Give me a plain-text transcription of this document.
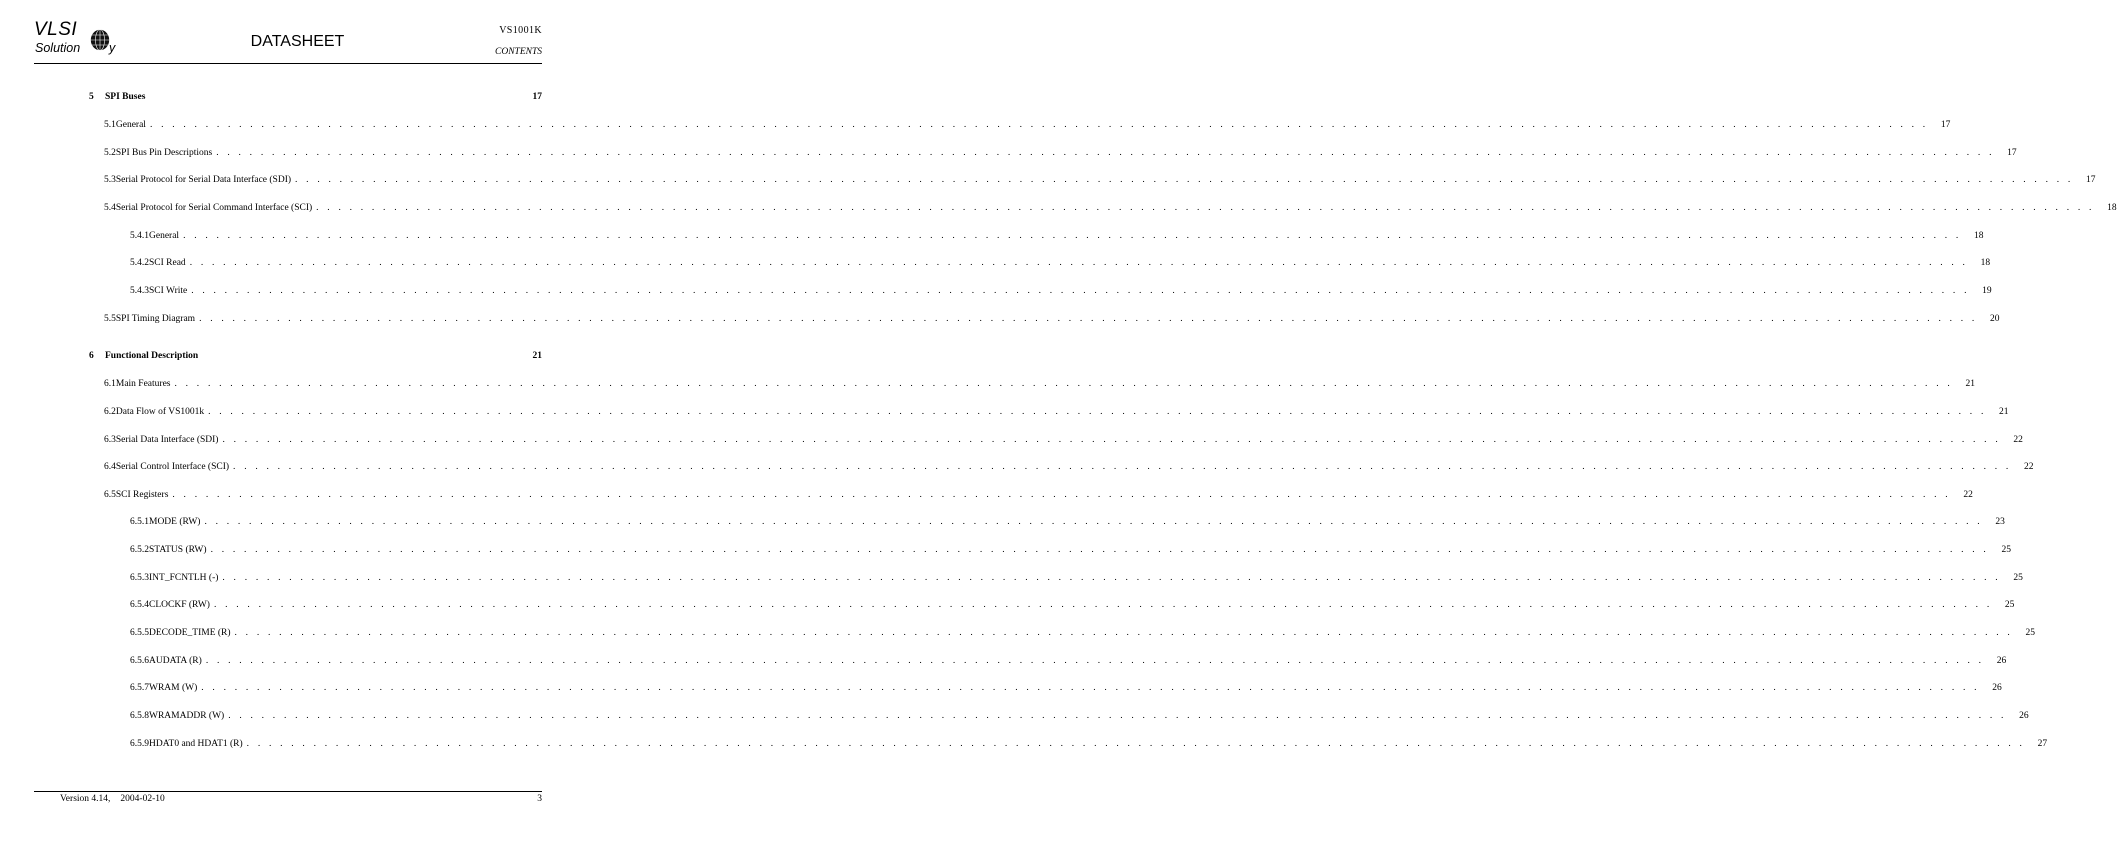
VLSI
Solution y	DATASHEET
VS1001K
CONTENTS
5	SPI Buses	17
5.1 General . . . . . . . . . . . . . . . . . . . . . . . . . . . . . . . . . . . . . . . . . . . . . . . . . . . . . . . . . . . . . . . . . . . . . . . . . . . . . . . . . . . . . . . . . . . . . . . . . . . . . . . . . . . . . . . . . . . . . . . . . . . . . . . . . . . . . . . . . . . . . . . . . . . . . . . . . . . . . . . .	17
5.2 SPI Bus Pin Descriptions . . . . . . . . . . . . . . . . . . . . . . . . . . . . . . . . . . . . . . . . . . . . . . . . . . . . . . . . . . . . . . . . . . . . . . . . . . . . . . . . . . . . . . . . . . . . . . . . . . . . . . . . . . . . . . . . . . . . . . . . . . . . . . . . . . . . . . . . . . . . . . . . . . . . . . . . . . . . . . . .	17
5.3 Serial Protocol for Serial Data Interface (SDI) . . . . . . . . . . . . . . . . . . . . . . . . . . . . . . . . . . . . . . . . . . . . . . . . . . . . . . . . . . . . . . . . . . . . . . . . . . . . . . . . . . . . . . . . . . . . . . . . . . . . . . . . . . . . . . . . . . . . . . . . . . . . . . . . . . . . . . . . . . . . . . . . . . . . . . . . . . . . . . . .	17
5.4 Serial Protocol for Serial Command Interface (SCI) . . . . . . . . . . . . . . . . . . . . . . . . . . . . . . . . . . . . . . . . . . . . . . . . . . . . . . . . . . . . . . . . . . . . . . . . . . . . . . . . . . . . . . . . . . . . . . . . . . . . . . . . . . . . . . . . . . . . . . . . . . . . . . . . . . . . . . . . . . . . . . . . . . . . . . . . . . . . . . . .	18
5.4.1 General . . . . . . . . . . . . . . . . . . . . . . . . . . . . . . . . . . . . . . . . . . . . . . . . . . . . . . . . . . . . . . . . . . . . . . . . . . . . . . . . . . . . . . . . . . . . . . . . . . . . . . . . . . . . . . . . . . . . . . . . . . . . . . . . . . . . . . . . . . . . . . . . . . . . . . . . . . . . . . . .	18
5.4.2 SCI Read . . . . . . . . . . . . . . . . . . . . . . . . . . . . . . . . . . . . . . . . . . . . . . . . . . . . . . . . . . . . . . . . . . . . . . . . . . . . . . . . . . . . . . . . . . . . . . . . . . . . . . . . . . . . . . . . . . . . . . . . . . . . . . . . . . . . . . . . . . . . . . . . . . . . . . . . . . . . . . . .	18
5.4.3 SCI Write . . . . . . . . . . . . . . . . . . . . . . . . . . . . . . . . . . . . . . . . . . . . . . . . . . . . . . . . . . . . . . . . . . . . . . . . . . . . . . . . . . . . . . . . . . . . . . . . . . . . . . . . . . . . . . . . . . . . . . . . . . . . . . . . . . . . . . . . . . . . . . . . . . . . . . . . . . . . . . . .	19
5.5 SPI Timing Diagram . . . . . . . . . . . . . . . . . . . . . . . . . . . . . . . . . . . . . . . . . . . . . . . . . . . . . . . . . . . . . . . . . . . . . . . . . . . . . . . . . . . . . . . . . . . . . . . . . . . . . . . . . . . . . . . . . . . . . . . . . . . . . . . . . . . . . . . . . . . . . . . . . . . . . . . . . . . . . . . .	20
6	Functional Description	21
6.1 Main Features . . . . . . . . . . . . . . . . . . . . . . . . . . . . . . . . . . . . . . . . . . . . . . . . . . . . . . . . . . . . . . . . . . . . . . . . . . . . . . . . . . . . . . . . . . . . . . . . . . . . . . . . . . . . . . . . . . . . . . . . . . . . . . . . . . . . . . . . . . . . . . . . . . . . . . . . . . . . . . . .	21
6.2 Data Flow of VS1001k . . . . . . . . . . . . . . . . . . . . . . . . . . . . . . . . . . . . . . . . . . . . . . . . . . . . . . . . . . . . . . . . . . . . . . . . . . . . . . . . . . . . . . . . . . . . . . . . . . . . . . . . . . . . . . . . . . . . . . . . . . . . . . . . . . . . . . . . . . . . . . . . . . . . . . . . . . . . . . . .	21
6.3 Serial Data Interface (SDI) . . . . . . . . . . . . . . . . . . . . . . . . . . . . . . . . . . . . . . . . . . . . . . . . . . . . . . . . . . . . . . . . . . . . . . . . . . . . . . . . . . . . . . . . . . . . . . . . . . . . . . . . . . . . . . . . . . . . . . . . . . . . . . . . . . . . . . . . . . . . . . . . . . . . . . . . . . . . . . . .	22
6.4 Serial Control Interface (SCI) . . . . . . . . . . . . . . . . . . . . . . . . . . . . . . . . . . . . . . . . . . . . . . . . . . . . . . . . . . . . . . . . . . . . . . . . . . . . . . . . . . . . . . . . . . . . . . . . . . . . . . . . . . . . . . . . . . . . . . . . . . . . . . . . . . . . . . . . . . . . . . . . . . . . . . . . . . . . . . . .	22
6.5 SCI Registers . . . . . . . . . . . . . . . . . . . . . . . . . . . . . . . . . . . . . . . . . . . . . . . . . . . . . . . . . . . . . . . . . . . . . . . . . . . . . . . . . . . . . . . . . . . . . . . . . . . . . . . . . . . . . . . . . . . . . . . . . . . . . . . . . . . . . . . . . . . . . . . . . . . . . . . . . . . . . . . .	22
6.5.1 MODE (RW) . . . . . . . . . . . . . . . . . . . . . . . . . . . . . . . . . . . . . . . . . . . . . . . . . . . . . . . . . . . . . . . . . . . . . . . . . . . . . . . . . . . . . . . . . . . . . . . . . . . . . . . . . . . . . . . . . . . . . . . . . . . . . . . . . . . . . . . . . . . . . . . . . . . . . . . . . . . . . . . .	23
6.5.2 STATUS (RW) . . . . . . . . . . . . . . . . . . . . . . . . . . . . . . . . . . . . . . . . . . . . . . . . . . . . . . . . . . . . . . . . . . . . . . . . . . . . . . . . . . . . . . . . . . . . . . . . . . . . . . . . . . . . . . . . . . . . . . . . . . . . . . . . . . . . . . . . . . . . . . . . . . . . . . . . . . . . . . . .	25
6.5.3 INT_FCNTLH (-) . . . . . . . . . . . . . . . . . . . . . . . . . . . . . . . . . . . . . . . . . . . . . . . . . . . . . . . . . . . . . . . . . . . . . . . . . . . . . . . . . . . . . . . . . . . . . . . . . . . . . . . . . . . . . . . . . . . . . . . . . . . . . . . . . . . . . . . . . . . . . . . . . . . . . . . . . . . . . . . .	25
6.5.4 CLOCKF (RW) . . . . . . . . . . . . . . . . . . . . . . . . . . . . . . . . . . . . . . . . . . . . . . . . . . . . . . . . . . . . . . . . . . . . . . . . . . . . . . . . . . . . . . . . . . . . . . . . . . . . . . . . . . . . . . . . . . . . . . . . . . . . . . . . . . . . . . . . . . . . . . . . . . . . . . . . . . . . . . . .	25
6.5.5 DECODE_TIME (R) . . . . . . . . . . . . . . . . . . . . . . . . . . . . . . . . . . . . . . . . . . . . . . . . . . . . . . . . . . . . . . . . . . . . . . . . . . . . . . . . . . . . . . . . . . . . . . . . . . . . . . . . . . . . . . . . . . . . . . . . . . . . . . . . . . . . . . . . . . . . . . . . . . . . . . . . . . . . . . . .	25
6.5.6 AUDATA (R) . . . . . . . . . . . . . . . . . . . . . . . . . . . . . . . . . . . . . . . . . . . . . . . . . . . . . . . . . . . . . . . . . . . . . . . . . . . . . . . . . . . . . . . . . . . . . . . . . . . . . . . . . . . . . . . . . . . . . . . . . . . . . . . . . . . . . . . . . . . . . . . . . . . . . . . . . . . . . . . .	26
6.5.7 WRAM (W) . . . . . . . . . . . . . . . . . . . . . . . . . . . . . . . . . . . . . . . . . . . . . . . . . . . . . . . . . . . . . . . . . . . . . . . . . . . . . . . . . . . . . . . . . . . . . . . . . . . . . . . . . . . . . . . . . . . . . . . . . . . . . . . . . . . . . . . . . . . . . . . . . . . . . . . . . . . . . . . .	26
6.5.8 WRAMADDR (W) . . . . . . . . . . . . . . . . . . . . . . . . . . . . . . . . . . . . . . . . . . . . . . . . . . . . . . . . . . . . . . . . . . . . . . . . . . . . . . . . . . . . . . . . . . . . . . . . . . . . . . . . . . . . . . . . . . . . . . . . . . . . . . . . . . . . . . . . . . . . . . . . . . . . . . . . . . . . . . . .	26
6.5.9 HDAT0 and HDAT1 (R) . . . . . . . . . . . . . . . . . . . . . . . . . . . . . . . . . . . . . . . . . . . . . . . . . . . . . . . . . . . . . . . . . . . . . . . . . . . . . . . . . . . . . . . . . . . . . . . . . . . . . . . . . . . . . . . . . . . . . . . . . . . . . . . . . . . . . . . . . . . . . . . . . . . . . . . . . . . . . . . .	27
Version 4.14, 2004-02-10	3
